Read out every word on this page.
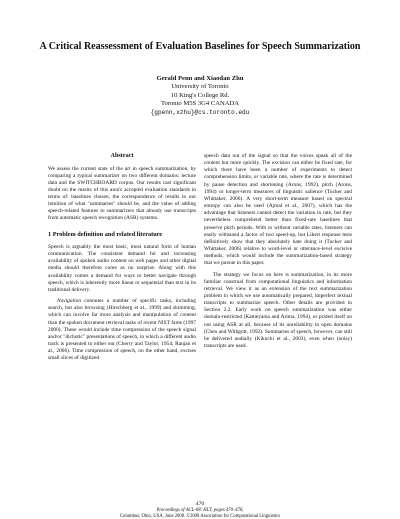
A Critical Reassessment of Evaluation Baselines for Speech Summarization
Gerald Penn and Xiaodan Zhu
University of Toronto
10 King's College Rd.
Toronto M5S 3G4 CANADA
{gpenn,xzhu}@cs.toronto.edu
Abstract

We assess the current state of the art in speech summarization, by comparing a typical summarizer on two different domains: lecture data and the SWITCHBOARD corpus. Our results cast significant doubt on the merits of this area's accepted evaluation standards in terms of: baselines chosen, the correspondence of results to our intuition of what "summaries" should be, and the value of adding speech-related features to summarizers that already use transcripts from automatic speech recognition (ASR) systems.

1 Problem definition and related literature

Speech is arguably the most basic, most natural form of human communication. The consistent demand for and increasing availability of spoken audio content on web pages and other digital media should therefore come as no surprise. Along with this availability comes a demand for ways to better navigate through speech, which is inherently more linear or sequential than text in its traditional delivery.

Navigation connotes a number of specific tasks, including search, but also browsing (Hirschberg et al., 1999) and skimming, which can involve far more analysis and manipulation of content than the spoken document retrieval tasks of recent NIST fame (1997 2000). These would include time compression of the speech signal and/or "dichotic" presentations of speech, in which a different audio track is presented to either ear (Cherry and Taylor, 1954; Ranjan et al., 2006). Time compression of speech, on the other hand, excises small slices of digitized

speech data out of the signal so that the voices speak all of the content but more quickly. The excision can either be fixed rate, for which there have been a number of experiments to detect comprehension limits, or variable rate, where the rate is determined by pause detection and shortening (Arons, 1992), pitch (Arons, 1994) or longer-term measures of linguistic salience (Tucker and Whittaker, 2006). A very short-term measure based on spectral entropy can also be used (Ajmal et al., 2007), which has the advantage that listeners cannot detect the variation in rate, but they nevertheless comprehend better than fixed-rate baselines that preserve pitch periods. With or without variable rates, listeners can easily withstand a factor of two speed-up, but Likert response tests definitively show that they absolutely hate doing it (Tucker and Whittaker, 2006) relative to word-level or utterance-level excisive methods, which would include the summarization-based strategy that we pursue in this paper.

The strategy we focus on here is summarization, in its more familiar construal from computational linguistics and information retrieval. We view it as an extension of the text summarization problem in which we use automatically prepared, imperfect textual transcripts to summarize speech. Other details are provided in Section 2.2. Early work on speech summarization was either domain-restricted (Kameyama and Arima, 1994), or prided itself on not using ASR at all, because of its unreliability in open domains (Chen and Withgott, 1992). Summaries of speech, however, can still be delivered audially (Kikuchi et al., 2003), even when (noisy) transcripts are used.

470
Proceedings of ACL-08: HLT, pages 470–478,
Columbus, Ohio, USA, June 2008. ©2008 Association for Computational Linguistics
